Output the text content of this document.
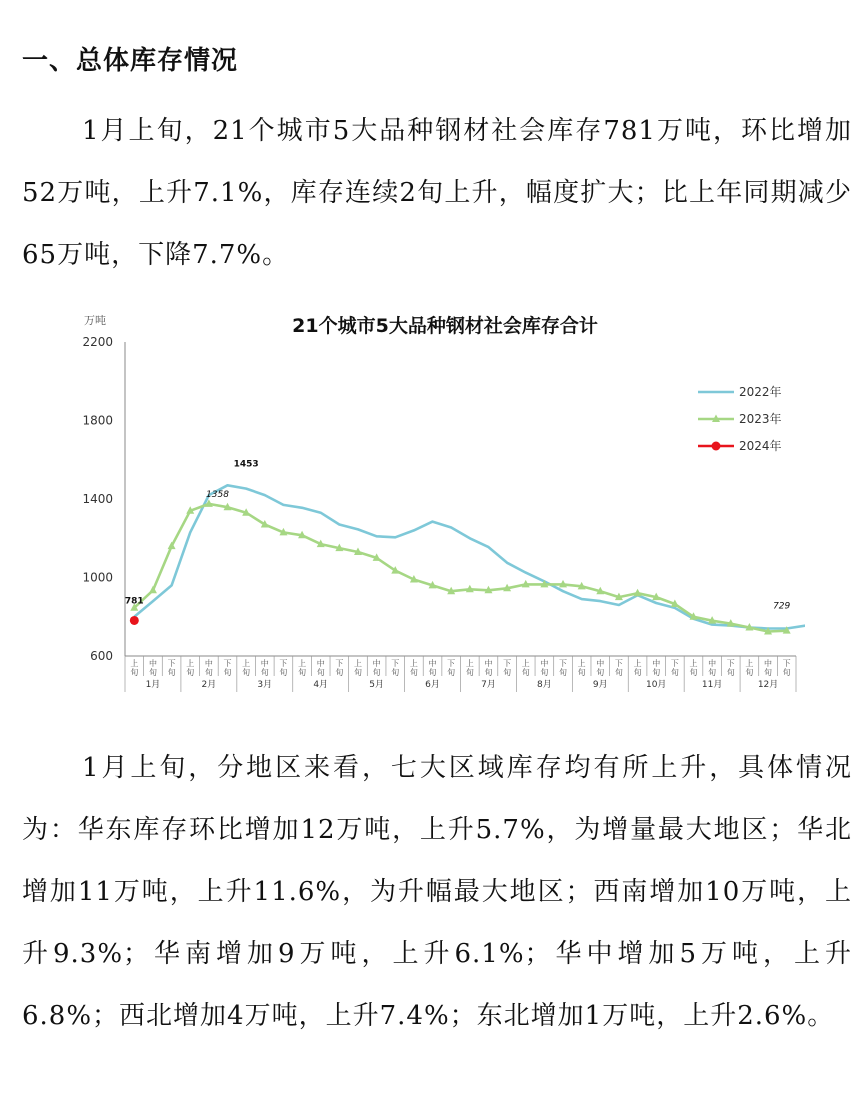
一、总体库存情况

1月上旬，21个城市5大品种钢材社会库存781万吨，环比增加52万吨，上升7.1%，库存连续2旬上升，幅度扩大；比上年同期减少65万吨，下降7.7%。

21个城市5大品种钢材社会库存合计
万吨
600
1000
1400
1800
2200
上旬
中旬
下旬
上旬
中旬
下旬
上旬
中旬
下旬
上旬
中旬
下旬
上旬
中旬
下旬
上旬
中旬
下旬
上旬
中旬
下旬
上旬
中旬
下旬
上旬
中旬
下旬
上旬
中旬
下旬
上旬
中旬
下旬
上旬
中旬
下旬
1月	2月	3月	4月	5月	6月	7月	8月	9月	10月	11月	12月
781
1358
1453
729
2022年
2023年
2024年

1月上旬，分地区来看，七大区域库存均有所上升，具体情况为：华东库存环比增加12万吨，上升5.7%，为增量最大地区；华北增加11万吨，上升11.6%，为升幅最大地区；西南增加10万吨，上升9.3%；华南增加9万吨，上升6.1%；华中增加5万吨，上升6.8%；西北增加4万吨，上升7.4%；东北增加1万吨，上升2.6%。
